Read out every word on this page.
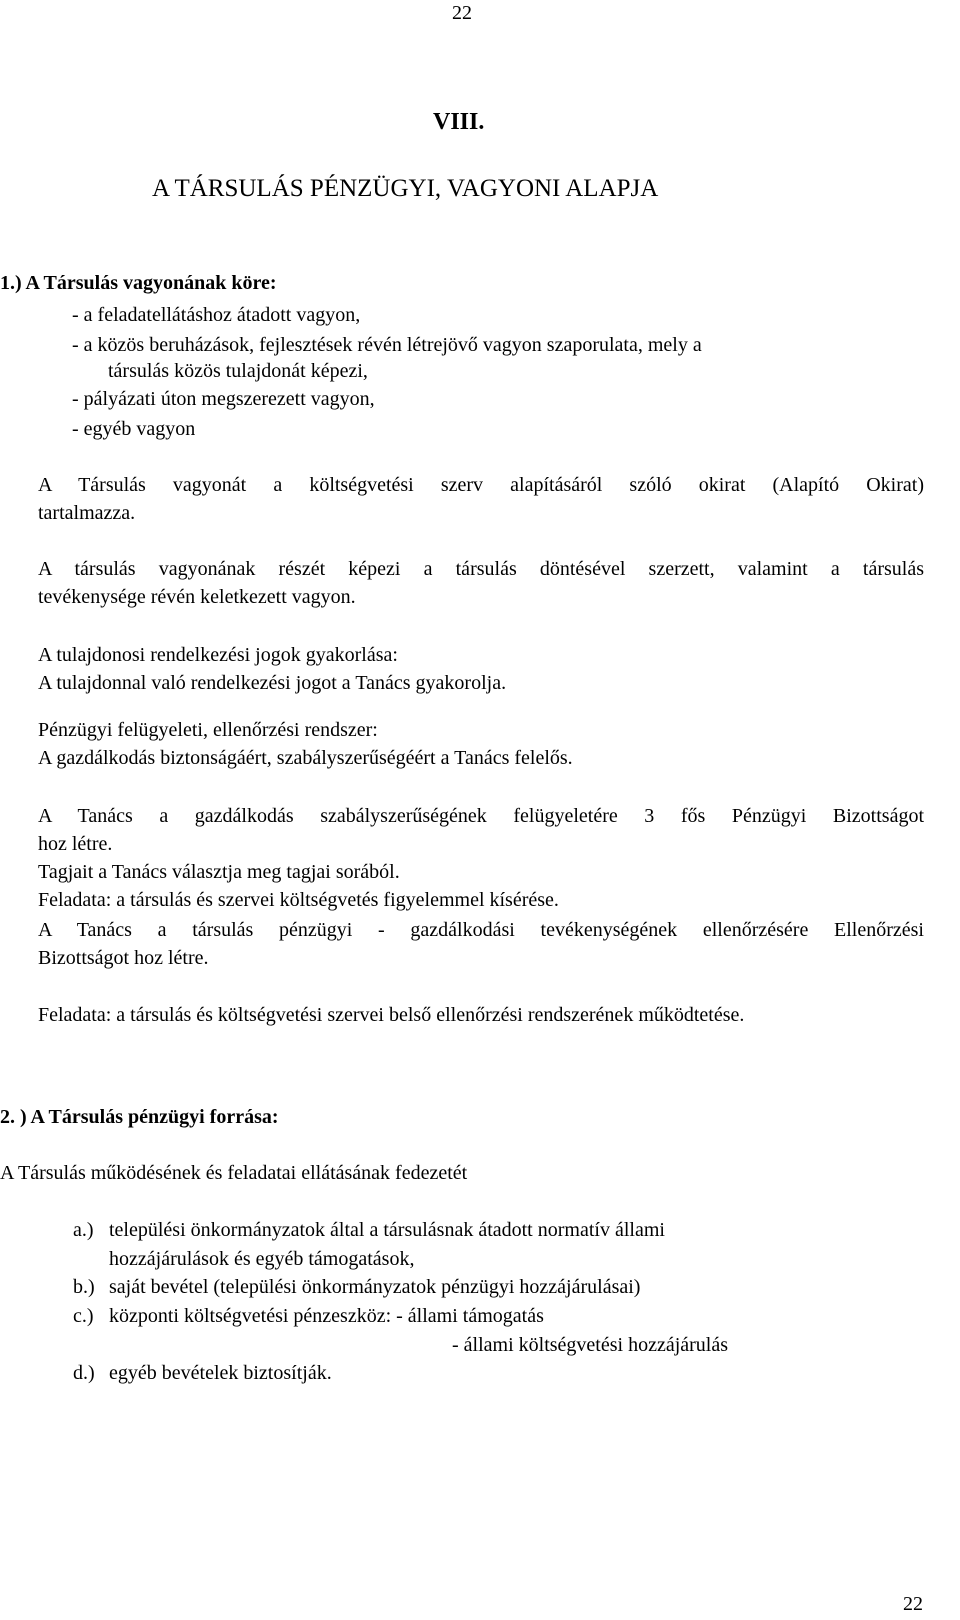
22
22
VIII.
A TÁRSULÁS PÉNZÜGYI, VAGYONI ALAPJA
1.) A Társulás vagyonának köre:
- a feladatellátáshoz átadott vagyon,
- a közös beruházások, fejlesztések révén létrejövő vagyon szaporulata, mely a
társulás közös tulajdonát képezi,
- pályázati úton megszerezett vagyon,
- egyéb vagyon
A Társulás vagyonát a költségvetési szerv alapításáról szóló okirat (Alapító Okirat)
tartalmazza.
A társulás vagyonának részét képezi a társulás döntésével szerzett, valamint a társulás
tevékenysége révén keletkezett vagyon.
A tulajdonosi rendelkezési jogok gyakorlása:
A tulajdonnal való rendelkezési jogot a Tanács gyakorolja.
Pénzügyi felügyeleti, ellenőrzési rendszer:
A gazdálkodás biztonságáért, szabályszerűségéért a Tanács felelős.
A Tanács a gazdálkodás szabályszerűségének felügyeletére 3 fős Pénzügyi Bizottságot
hoz létre.
Tagjait a Tanács választja meg tagjai sorából.
Feladata: a társulás és szervei költségvetés figyelemmel kísérése.
A Tanács a társulás pénzügyi - gazdálkodási tevékenységének ellenőrzésére Ellenőrzési
Bizottságot hoz létre.
Feladata: a társulás és költségvetési szervei belső ellenőrzési rendszerének működtetése.
2. ) A Társulás pénzügyi forrása:
A Társulás működésének és feladatai ellátásának fedezetét
a.) települési önkormányzatok által a társulásnak átadott normatív állami
hozzájárulások és egyéb támogatások,
b.) saját bevétel (települési önkormányzatok pénzügyi hozzájárulásai)
c.) központi költségvetési pénzeszköz: - állami támogatás
- állami költségvetési hozzájárulás
d.) egyéb bevételek biztosítják.
